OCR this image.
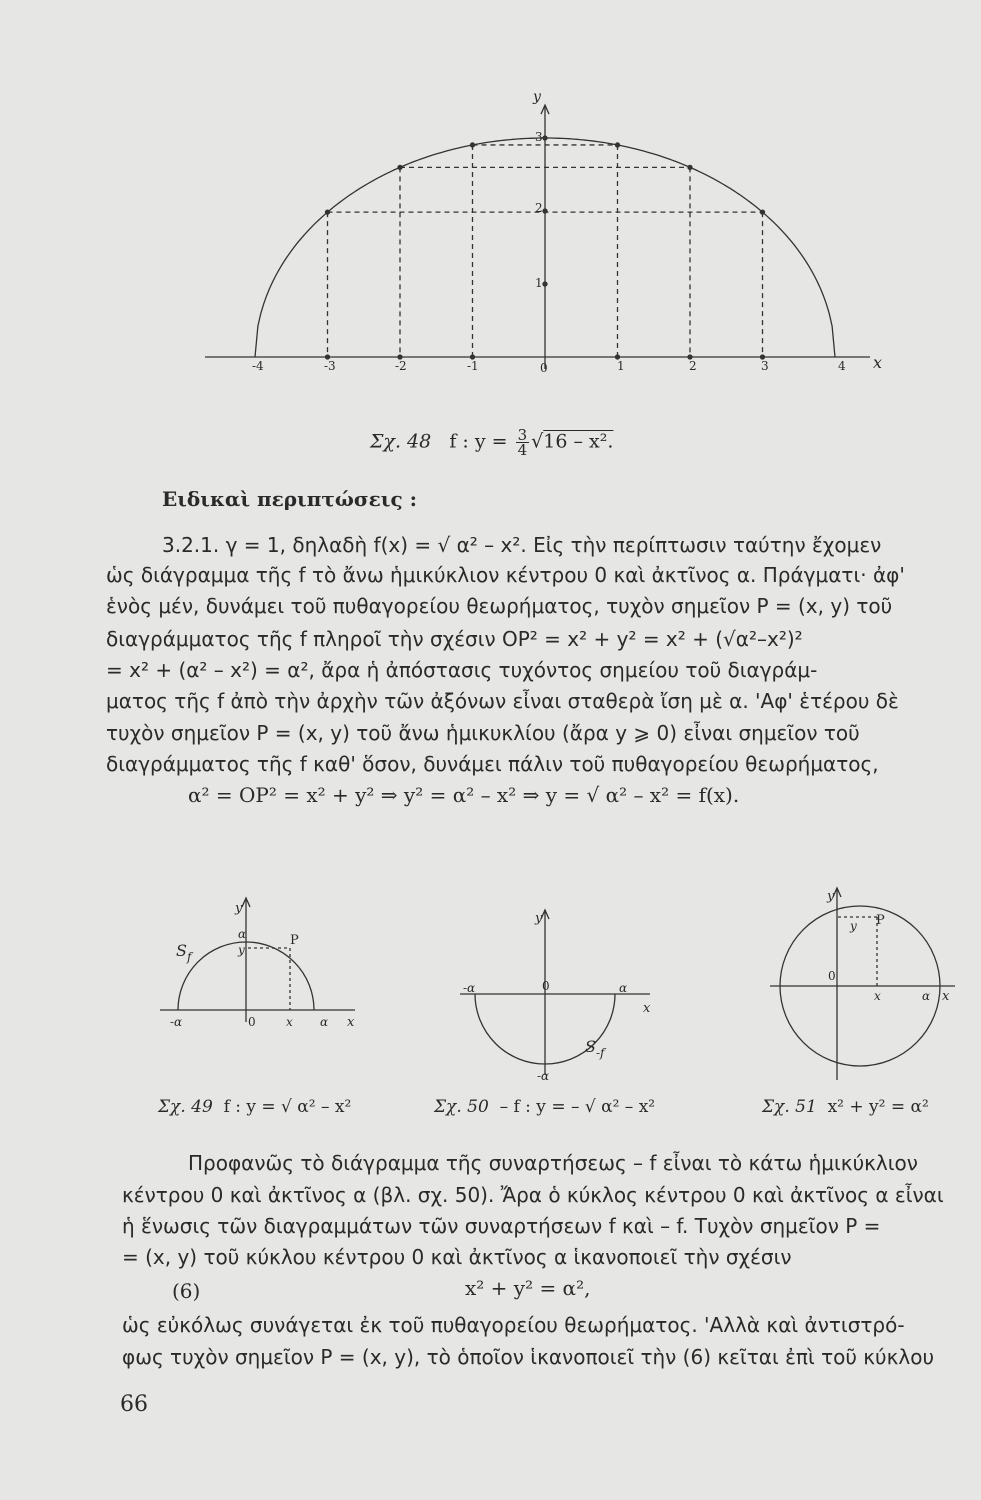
y
x
3
2
1
-4	-3	-2	-1	0	1	2	3	4
Σχ. 48 f : $y = \frac{3}{4} √16 - x^2$.
Ειδικαὶ περιπτώσεις :
3.2.1. γ = 1, δηλαδὴ f(x) = √ α² – x². Εἰς τὴν περίπτωσιν ταύτην ἔχομεν
ὡς διάγραμμα τῆς f τὸ ἄνω ἡμικύκλιον κέντρου 0 καὶ ἀκτῖνος α. Πράγματι· ἀφ'
ἑνὸς μέν, δυνάμει τοῦ πυθαγορείου θεωρήματος, τυχὸν σημεῖον P = (x, y) τοῦ
διαγράμματος τῆς f πληροῖ τὴν σχέσιν OP² = x² + y² = x² + (√α²–x²)²
= x² + (α² – x²) = α², ἄρα ἡ ἀπόστασις τυχόντος σημείου τοῦ διαγράμ-
ματος τῆς f ἀπὸ τὴν ἀρχὴν τῶν ἀξόνων εἶναι σταθερὰ ἴση μὲ α. 'Αφ' ἑτέρου δὲ
τυχὸν σημεῖον P = (x, y) τοῦ ἄνω ἡμικυκλίου (ἄρα y ⩾ 0) εἶναι σημεῖον τοῦ
διαγράμματος τῆς f καθ' ὅσον, δυνάμει πάλιν τοῦ πυθαγορείου θεωρήματος,
α² = OP² = x² + y² ⇒ y² = α² – x² ⇒ y = √ α² – x² = f(x).
y
α
y
P
$S_f$
-α	0	x α x
y
-α	0	α
x
$S_{-f}$
-α
y
y P
0
x	α x
Σχ. 49 f : y = √ α² – x²	Σχ. 50 – f : y = – √ α² – x²	Σχ. 51 x² + y² = α²
Προφανῶς τὸ διάγραμμα τῆς συναρτήσεως – f εἶναι τὸ κάτω ἡμικύκλιον
κέντρου 0 καὶ ἀκτῖνος α (βλ. σχ. 50). Ἄρα ὁ κύκλος κέντρου 0 καὶ ἀκτῖνος α εἶναι
ἡ ἕνωσις τῶν διαγραμμάτων τῶν συναρτήσεων f καὶ – f. Τυχὸν σημεῖον P =
= (x, y) τοῦ κύκλου κέντρου 0 καὶ ἀκτῖνος α ἱκανοποιεῖ τὴν σχέσιν
(6)	x² + y² = α²,
ὡς εὐκόλως συνάγεται ἐκ τοῦ πυθαγορείου θεωρήματος. 'Αλλὰ καὶ ἀντιστρό-
φως τυχὸν σημεῖον P = (x, y), τὸ ὁποῖον ἱκανοποιεῖ τὴν (6) κεῖται ἐπὶ τοῦ κύκλου
66
